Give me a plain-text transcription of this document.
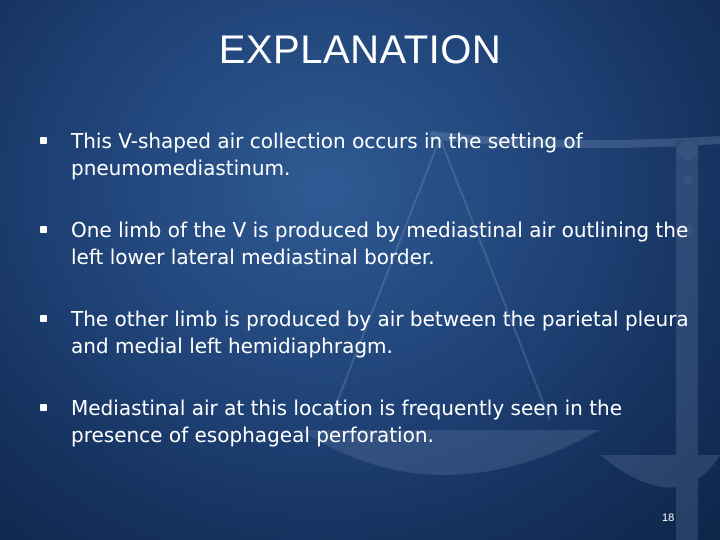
EXPLANATION
This V-shaped air collection occurs in the setting of pneumomediastinum.
One limb of the V is produced by mediastinal air outlining the left lower lateral mediastinal border.
The other limb is produced by air between the parietal pleura and medial left hemidiaphragm.
Mediastinal air at this location is frequently seen in the presence of esophageal perforation.
18
